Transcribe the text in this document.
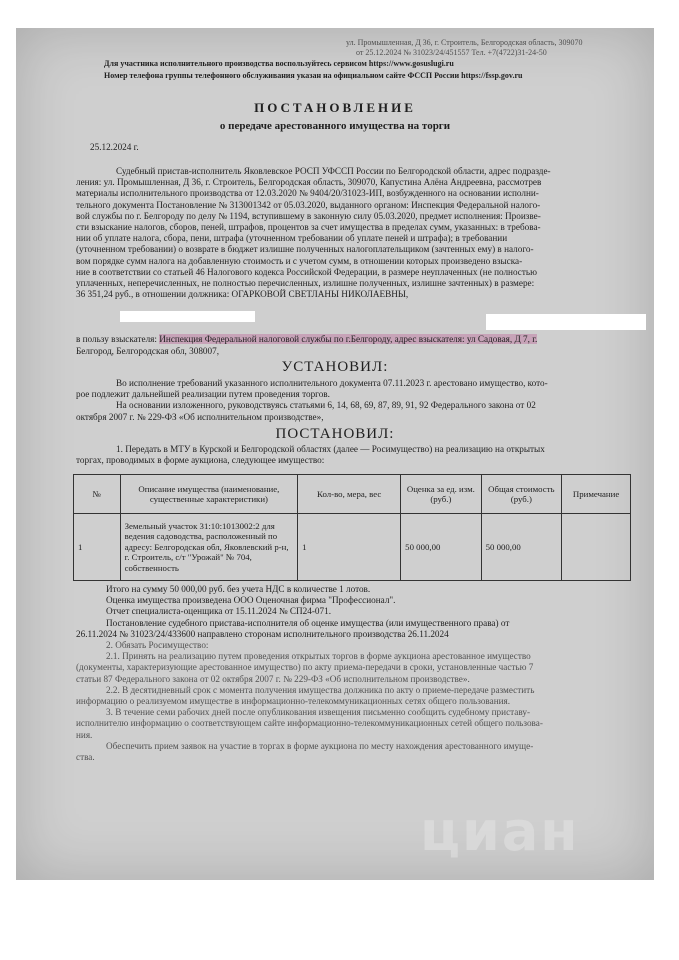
ул. Промышленная, Д 36, г. Строитель, Белгородская область, 309070
от 25.12.2024 № 31023/24/451557 Тел. +7(4722)31-24-50
Для участника исполнительного производства воспользуйтесь сервисом https://www.gosuslugi.ru
Номер телефона группы телефонного обслуживания указан на официальном сайте ФССП России https://fssp.gov.ru
ПОСТАНОВЛЕНИЕ
о передаче арестованного имущества на торги
25.12.2024 г.
Судебный пристав-исполнитель Яковлевское РОСП УФССП России по Белгородской области, адрес подразде-
ления: ул. Промышленная, Д 36, г. Строитель, Белгородская область, 309070, Капустина Алёна Андреевна, рассмотрев
материалы исполнительного производства от 12.03.2020 № 9404/20/31023-ИП, возбужденного на основании исполни-
тельного документа Постановление № 313001342 от 05.03.2020, выданного органом: Инспекция Федеральной налого-
вой службы по г. Белгороду по делу № 1194, вступившему в законную силу 05.03.2020, предмет исполнения: Произве-
сти взыскание налогов, сборов, пеней, штрафов, процентов за счет имущества в пределах сумм, указанных: в требова-
нии об уплате налога, сбора, пени, штрафа (уточненном требовании об уплате пеней и штрафа); в требовании
(уточненном требовании) о возврате в бюджет излишне полученных налогоплательщиком (зачтенных ему) в налого-
вом порядке сумм налога на добавленную стоимость и с учетом сумм, в отношении которых произведено взыска-
ние в соответствии со статьей 46 Налогового кодекса Российской Федерации, в размере неуплаченных (не полностью
уплаченных, неперечисленных, не полностью перечисленных, излишне полученных, излишне зачтенных) в размере:
36 351,24 руб., в отношении должника: ОГАРКОВОЙ СВЕТЛАНЫ НИКОЛАЕВНЫ,
в пользу взыскателя: Инспекция Федеральной налоговой службы по г.Белгороду, адрес взыскателя: ул Садовая, Д 7, г.
Белгород, Белгородская обл, 308007,
УСТАНОВИЛ:
Во исполнение требований указанного исполнительного документа 07.11.2023 г. арестовано имущество, кото-
рое подлежит дальнейшей реализации путем проведения торгов.
На основании изложенного, руководствуясь статьями 6, 14, 68, 69, 87, 89, 91, 92 Федерального закона от 02
октября 2007 г. № 229-ФЗ «Об исполнительном производстве»,
ПОСТАНОВИЛ:
1. Передать в МТУ в Курской и Белгородской областях (далее — Росимущество) на реализацию на открытых
торгах, проводимых в форме аукциона, следующее имущество:
№	Описание имущества (наименование, существенные характеристики)	Кол-во, мера, вес	Оценка за ед. изм. (руб.)	Общая стоимость (руб.)	Примечание
1	Земельный участок 31:10:1013002:2 для ведения садоводства, расположенный по адресу: Белгородская обл, Яковлевский р-н, г. Строитель, с/т "Урожай" № 704, собственность	1	50 000,00	50 000,00	
Итого на сумму 50 000,00 руб. без учета НДС в количестве 1 лотов.
Оценка имущества произведена ООО Оценочная фирма "Профессионал".
Отчет специалиста-оценщика от 15.11.2024 № СП24-071.
Постановление судебного пристава-исполнителя об оценке имущества (или имущественного права) от
26.11.2024 № 31023/24/433600 направлено сторонам исполнительного производства 26.11.2024
2. Обязать Росимущество:
2.1. Принять на реализацию путем проведения открытых торгов в форме аукциона арестованное имущество
(документы, характеризующие арестованное имущество) по акту приема-передачи в сроки, установленные частью 7
статьи 87 Федерального закона от 02 октября 2007 г. № 229-ФЗ «Об исполнительном производстве».
2.2. В десятидневный срок с момента получения имущества должника по акту о приеме-передаче разместить
информацию о реализуемом имуществе в информационно-телекоммуникационных сетях общего пользования.
3. В течение семи рабочих дней после опубликования извещения письменно сообщить судебному приставу-
исполнителю информацию о соответствующем сайте информационно-телекоммуникационных сетей общего пользова-
ния.
Обеспечить прием заявок на участие в торгах в форме аукциона по месту нахождения арестованного имуще-
ства.
циан
